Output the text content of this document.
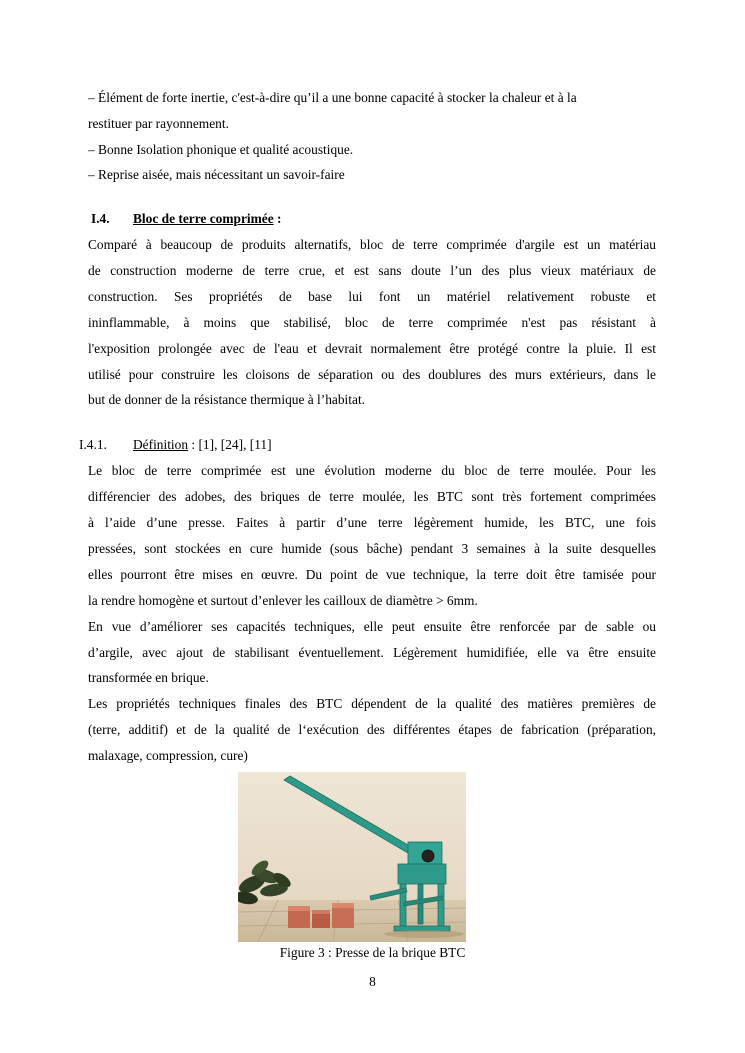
– Élément de forte inertie, c'est-à-dire qu’il a une bonne capacité à stocker la chaleur et à la
restituer par rayonnement.
– Bonne Isolation phonique et qualité acoustique.
– Reprise aisée, mais nécessitant un savoir-faire
I.4. Bloc de terre comprimée :
Comparé à beaucoup de produits alternatifs, bloc de terre comprimée d'argile est un matériau
de construction moderne de terre crue, et est sans doute l’un des plus vieux matériaux de
construction. Ses propriétés de base lui font un matériel relativement robuste et
ininflammable, à moins que stabilisé, bloc de terre comprimée n'est pas résistant à
l'exposition prolongée avec de l'eau et devrait normalement être protégé contre la pluie. Il est
utilisé pour construire les cloisons de séparation ou des doublures des murs extérieurs, dans le
but de donner de la résistance thermique à l’habitat.
I.4.1. Définition : [1], [24], [11]
Le bloc de terre comprimée est une évolution moderne du bloc de terre moulée. Pour les
différencier des adobes, des briques de terre moulée, les BTC sont très fortement comprimées
à l’aide d’une presse. Faites à partir d’une terre légèrement humide, les BTC, une fois
pressées, sont stockées en cure humide (sous bâche) pendant 3 semaines à la suite desquelles
elles pourront être mises en œuvre. Du point de vue technique, la terre doit être tamisée pour
la rendre homogène et surtout d’enlever les cailloux de diamètre > 6mm.
En vue d’améliorer ses capacités techniques, elle peut ensuite être renforcée par de sable ou
d’argile, avec ajout de stabilisant éventuellement. Légèrement humidifiée, elle va être ensuite
transformée en brique.
Les propriétés techniques finales des BTC dépendent de la qualité des matières premières de
(terre, additif) et de la qualité de l‘exécution des différentes étapes de fabrication (préparation,
malaxage, compression, cure)
Figure 3 : Presse de la brique BTC
8
